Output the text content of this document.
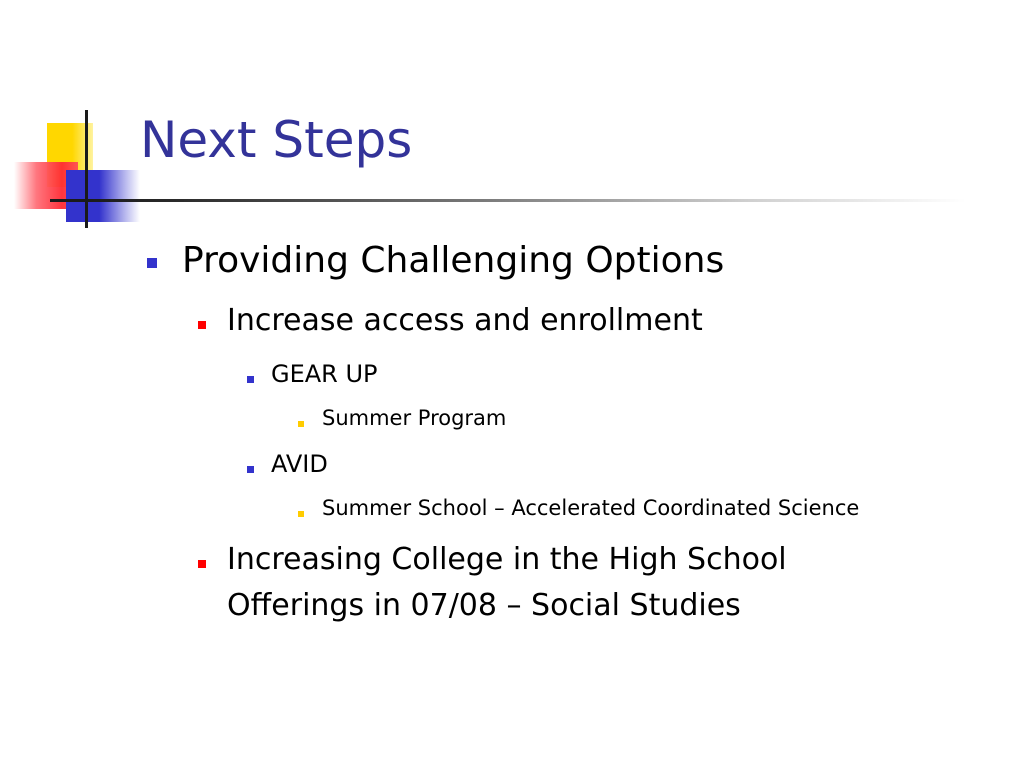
Next Steps
Providing Challenging Options
Increase access and enrollment
GEAR UP
Summer Program
AVID
Summer School – Accelerated Coordinated Science
Increasing College in the High School
Offerings in 07/08 – Social Studies
